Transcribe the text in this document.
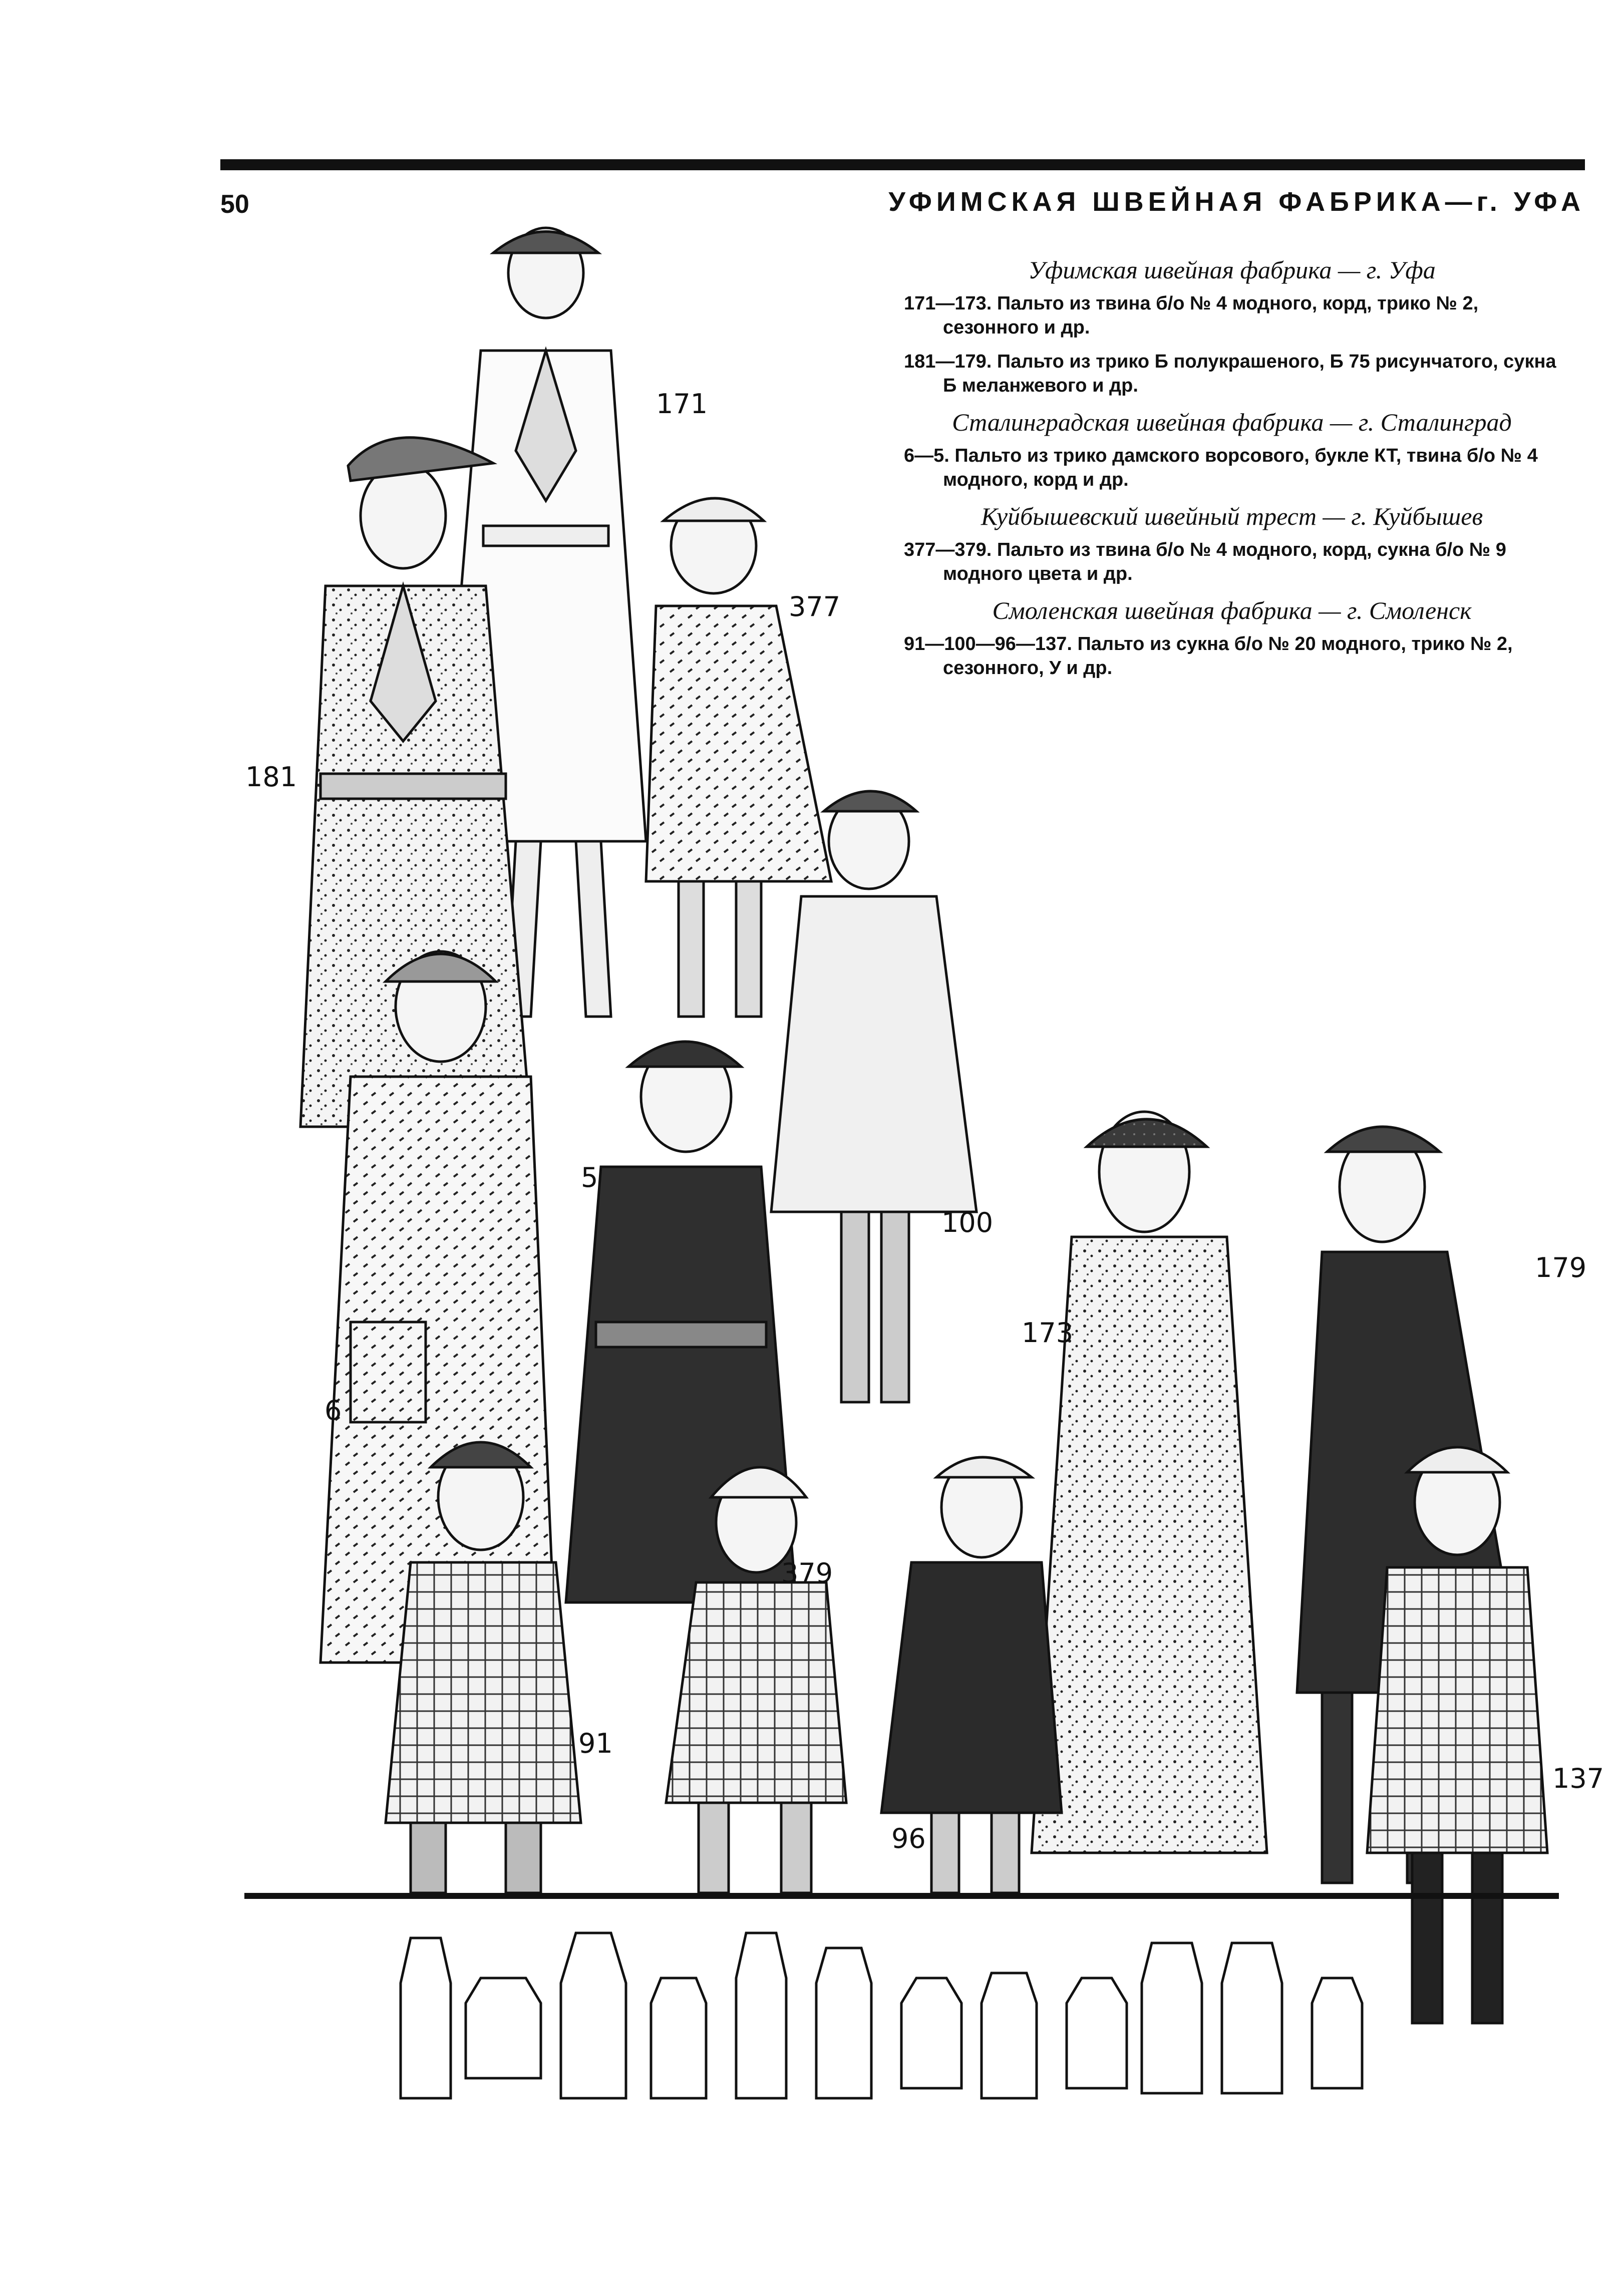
50	УФИМСКАЯ ШВЕЙНАЯ ФАБРИКА—г. УФА
Уфимская швейная фабрика — г. Уфа
171—173. Пальто из твина б/о № 4 модного, корд, трико № 2, сезонного и др.
181—179. Пальто из трико Б полукрашеного, Б 75 рисунчатого, сукна Б меланжевого и др.
Сталинградская швейная фабрика — г. Сталинград
6—5. Пальто из трико дамского ворсового, букле КТ, твина б/о № 4 модного, корд и др.
Куйбышевский швейный трест — г. Куйбышев
377—379. Пальто из твина б/о № 4 модного, корд, сукна б/о № 9 модного цвета и др.
Смоленская швейная фабрика — г. Смоленск
91—100—96—137. Пальто из сукна б/о № 20 модного, трико № 2, сезонного, У и др.
171
377
181
5
100
173
179
6
379
91
96
137
